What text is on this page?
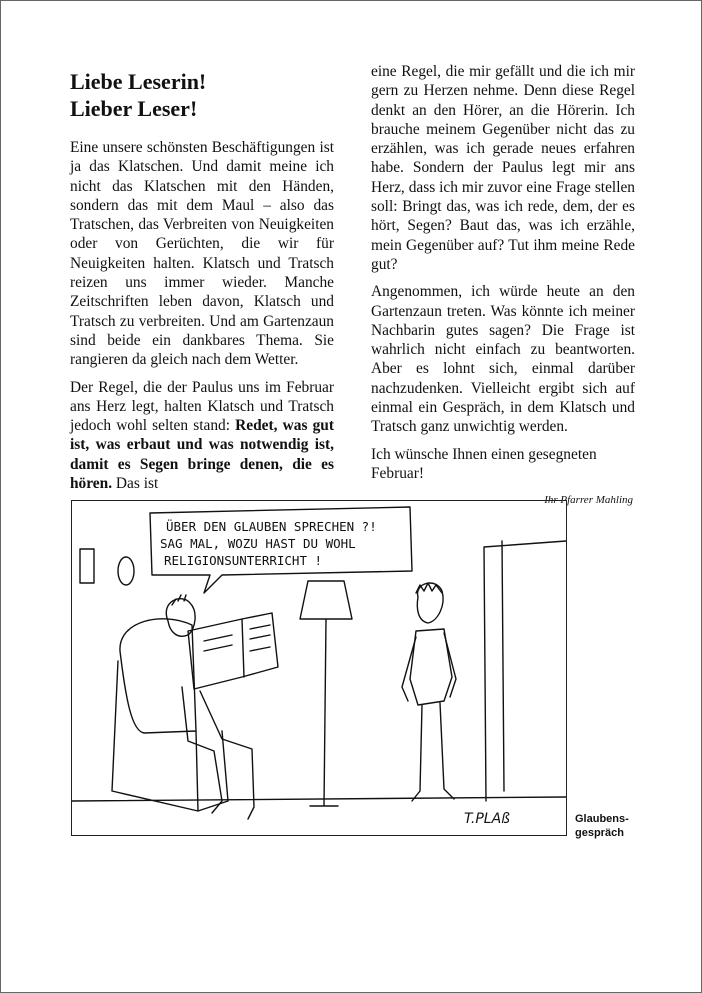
Liebe Leserin!
Lieber Leser!

Eine unsere schönsten Beschäftigungen ist ja das Klatschen. Und damit meine ich nicht das Klatschen mit den Händen, sondern das mit dem Maul – also das Tratschen, das Verbreiten von Neuigkeiten oder von Gerüchten, die wir für Neuigkeiten halten. Klatsch und Tratsch reizen uns immer wieder. Manche Zeitschriften leben davon, Klatsch und Tratsch zu verbreiten. Und am Gartenzaun sind beide ein dankbares Thema. Sie rangieren da gleich nach dem Wetter.

Der Regel, die der Paulus uns im Februar ans Herz legt, halten Klatsch und Tratsch jedoch wohl selten stand: Redet, was gut ist, was erbaut und was notwendig ist, damit es Segen bringe denen, die es hören. Das ist

eine Regel, die mir gefällt und die ich mir gern zu Herzen nehme. Denn diese Regel denkt an den Hörer, an die Hörerin. Ich brauche meinem Gegenüber nicht das zu erzählen, was ich gerade neues erfahren habe. Sondern der Paulus legt mir ans Herz, dass ich mir zuvor eine Frage stellen soll: Bringt das, was ich rede, dem, der es hört, Segen? Baut das, was ich erzähle, mein Gegenüber auf? Tut ihm meine Rede gut?

Angenommen, ich würde heute an den Gartenzaun treten. Was könnte ich meiner Nachbarin gutes sagen? Die Frage ist wahrlich nicht einfach zu beantworten. Aber es lohnt sich, einmal darüber nachzudenken. Vielleicht ergibt sich auf einmal ein Gespräch, in dem Klatsch und Tratsch ganz unwichtig werden.

Ich wünsche Ihnen einen gesegneten Februar!

Ihr Pfarrer Mahling
ÜBER DEN GLAUBEN SPRECHEN ?!
SAG MAL, WOZU HAST DU WOHL
RELIGIONSUNTERRICHT !
T.PLAß	Glaubens-
gespräch
